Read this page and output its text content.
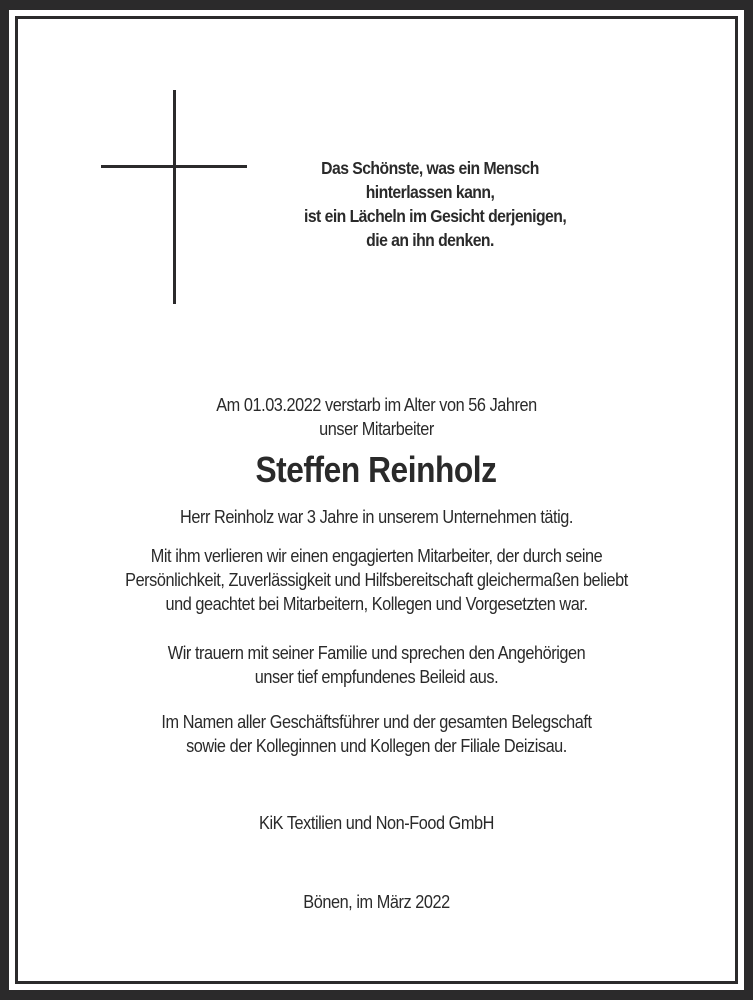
Das Schönste, was ein Mensch
hinterlassen kann,
ist ein Lächeln im Gesicht derjenigen,
die an ihn denken.
Am 01.03.2022 verstarb im Alter von 56 Jahren
unser Mitarbeiter
Steffen Reinholz
Herr Reinholz war 3 Jahre in unserem Unternehmen tätig.
Mit ihm verlieren wir einen engagierten Mitarbeiter, der durch seine
Persönlichkeit, Zuverlässigkeit und Hilfsbereitschaft gleichermaßen beliebt
und geachtet bei Mitarbeitern, Kollegen und Vorgesetzten war.
Wir trauern mit seiner Familie und sprechen den Angehörigen
unser tief empfundenes Beileid aus.
Im Namen aller Geschäftsführer und der gesamten Belegschaft
sowie der Kolleginnen und Kollegen der Filiale Deizisau.
KiK Textilien und Non-Food GmbH
Bönen, im März 2022
